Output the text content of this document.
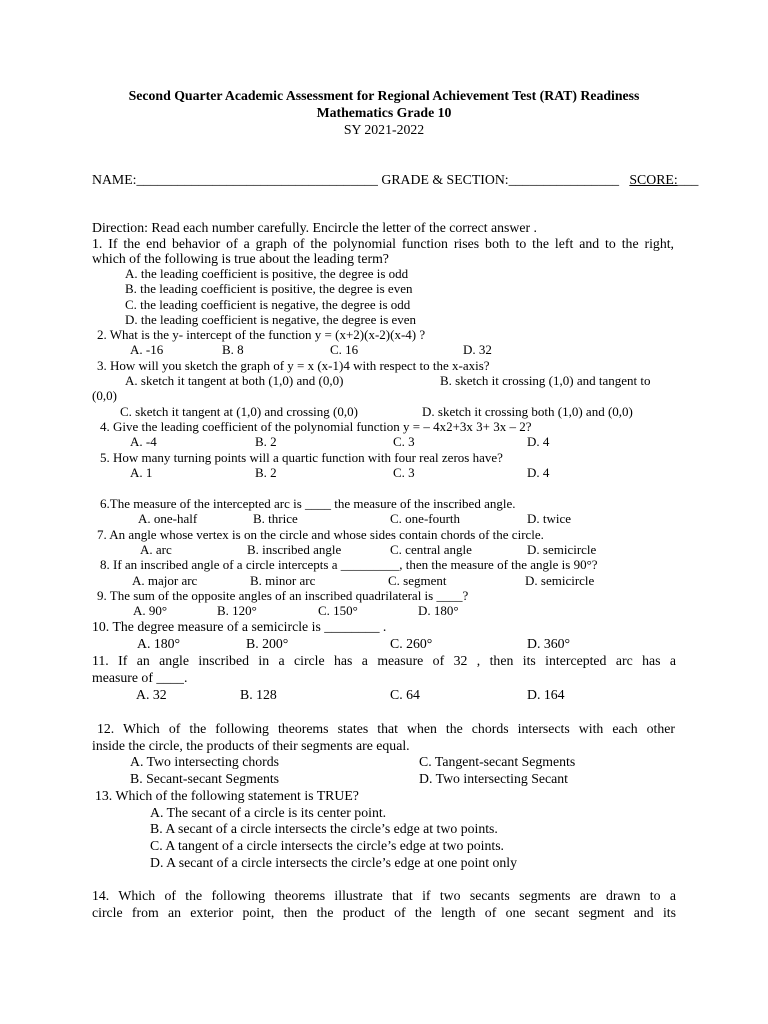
Second Quarter Academic Assessment for Regional Achievement Test (RAT) Readiness
Mathematics Grade 10
SY 2021-2022
NAME:___________________________________ GRADE & SECTION:________________ SCORE:___
Direction: Read each number carefully. Encircle the letter of the correct answer .
1. If the end behavior of a graph of the polynomial function rises both to the left and to the right,
which of the following is true about the leading term?
A. the leading coefficient is positive, the degree is odd
B. the leading coefficient is positive, the degree is even
C. the leading coefficient is negative, the degree is odd
D. the leading coefficient is negative, the degree is even
2. What is the y- intercept of the function y = (x+2)(x-2)(x-4) ?
A. -16	B. 8	C. 16	D. 32
3. How will you sketch the graph of y = x (x-1)4 with respect to the x-axis?
A. sketch it tangent at both (1,0) and (0,0)	B. sketch it crossing (1,0) and tangent to
(0,0)
C. sketch it tangent at (1,0) and crossing (0,0)	D. sketch it crossing both (1,0) and (0,0)
4. Give the leading coefficient of the polynomial function y = – 4x2+3x 3+ 3x – 2?
A. -4	B. 2	C. 3	D. 4
5. How many turning points will a quartic function with four real zeros have?
A. 1	B. 2	C. 3	D. 4
6.The measure of the intercepted arc is ____ the measure of the inscribed angle.
A. one-half	B. thrice	C. one-fourth	D. twice
7. An angle whose vertex is on the circle and whose sides contain chords of the circle.
A. arc	B. inscribed angle	C. central angle	D. semicircle
8. If an inscribed angle of a circle intercepts a _________, then the measure of the angle is 90°?
A. major arc	B. minor arc	C. segment	D. semicircle
9. The sum of the opposite angles of an inscribed quadrilateral is ____?
A. 90°	B. 120°	C. 150°	D. 180°
10. The degree measure of a semicircle is ________ .
A. 180°	B. 200°	C. 260°	D. 360°
11. If an angle inscribed in a circle has a measure of 32 , then its intercepted arc has a
measure of ____.
A. 32	B. 128	C. 64	D. 164
12. Which of the following theorems states that when the chords intersects with each other
inside the circle, the products of their segments are equal.
A. Two intersecting chords	C. Tangent-secant Segments
B. Secant-secant Segments	D. Two intersecting Secant
13. Which of the following statement is TRUE?
A. The secant of a circle is its center point.
B. A secant of a circle intersects the circle’s edge at two points.
C. A tangent of a circle intersects the circle’s edge at two points.
D. A secant of a circle intersects the circle’s edge at one point only
14. Which of the following theorems illustrate that if two secants segments are drawn to a
circle from an exterior point, then the product of the length of one secant segment and its
